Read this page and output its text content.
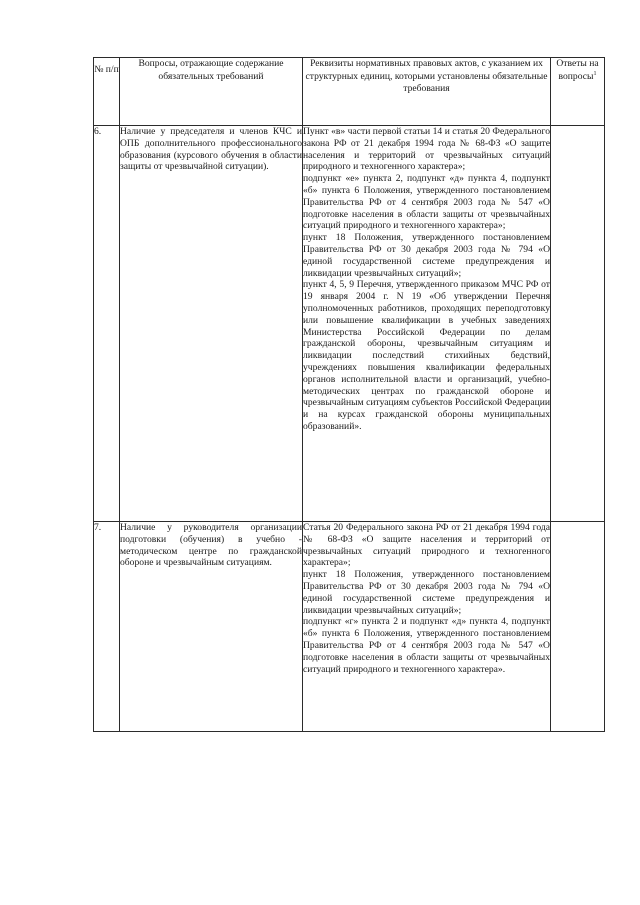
№ п/п	Вопросы, отражающие содержание обязательных требований	Реквизиты нормативных правовых актов, с указанием их структурных единиц, которыми установлены обязательные требования	Ответы на вопросы$^1$
6.	Наличие у председателя и членов КЧС и ОПБ дополнительного профессионального образования (курсового обучения в области защиты от чрезвычайной ситуации).	Пункт «в» части первой статьи 14 и статья 20 Федерального закона РФ от 21 декабря 1994 года № 68-ФЗ «О защите населения и территорий от чрезвычайных ситуаций природного и техногенного характера»;
подпункт «е» пункта 2, подпункт «д» пункта 4, подпункт «б» пункта 6 Положения, утвержденного постановлением Правительства РФ от 4 сентября 2003 года № 547 «О подготовке населения в области защиты от чрезвычайных ситуаций природного и техногенного характера»;
пункт 18 Положения, утвержденного постановлением Правительства РФ от 30 декабря 2003 года № 794 «О единой государственной системе предупреждения и ликвидации чрезвычайных ситуаций»;
пункт 4, 5, 9 Перечня, утвержденного приказом МЧС РФ от 19 января 2004 г. N 19 «Об утверждении Перечня уполномоченных работников, проходящих переподготовку или повышение квалификации в учебных заведениях Министерства Российской Федерации по делам гражданской обороны, чрезвычайным ситуациям и ликвидации последствий стихийных бедствий, учреждениях повышения квалификации федеральных органов исполнительной власти и организаций, учебно-методических центрах по гражданской обороне и чрезвычайным ситуациям субъектов Российской Федерации и на курсах гражданской обороны муниципальных образований».	

7.	Наличие у руководителя организации подготовки (обучения) в учебно - методическом центре по гражданской обороне и чрезвычайным ситуациям.	Статья 20 Федерального закона РФ от 21 декабря 1994 года № 68-ФЗ «О защите населения и территорий от чрезвычайных ситуаций природного и техногенного характера»;
пункт 18 Положения, утвержденного постановлением Правительства РФ от 30 декабря 2003 года № 794 «О единой государственной системе предупреждения и ликвидации чрезвычайных ситуаций»;
подпункт «г» пункта 2 и подпункт «д» пункта 4, подпункт «б» пункта 6 Положения, утвержденного постановлением Правительства РФ от 4 сентября 2003 года № 547 «О подготовке населения в области защиты от чрезвычайных ситуаций природного и техногенного характера».	
